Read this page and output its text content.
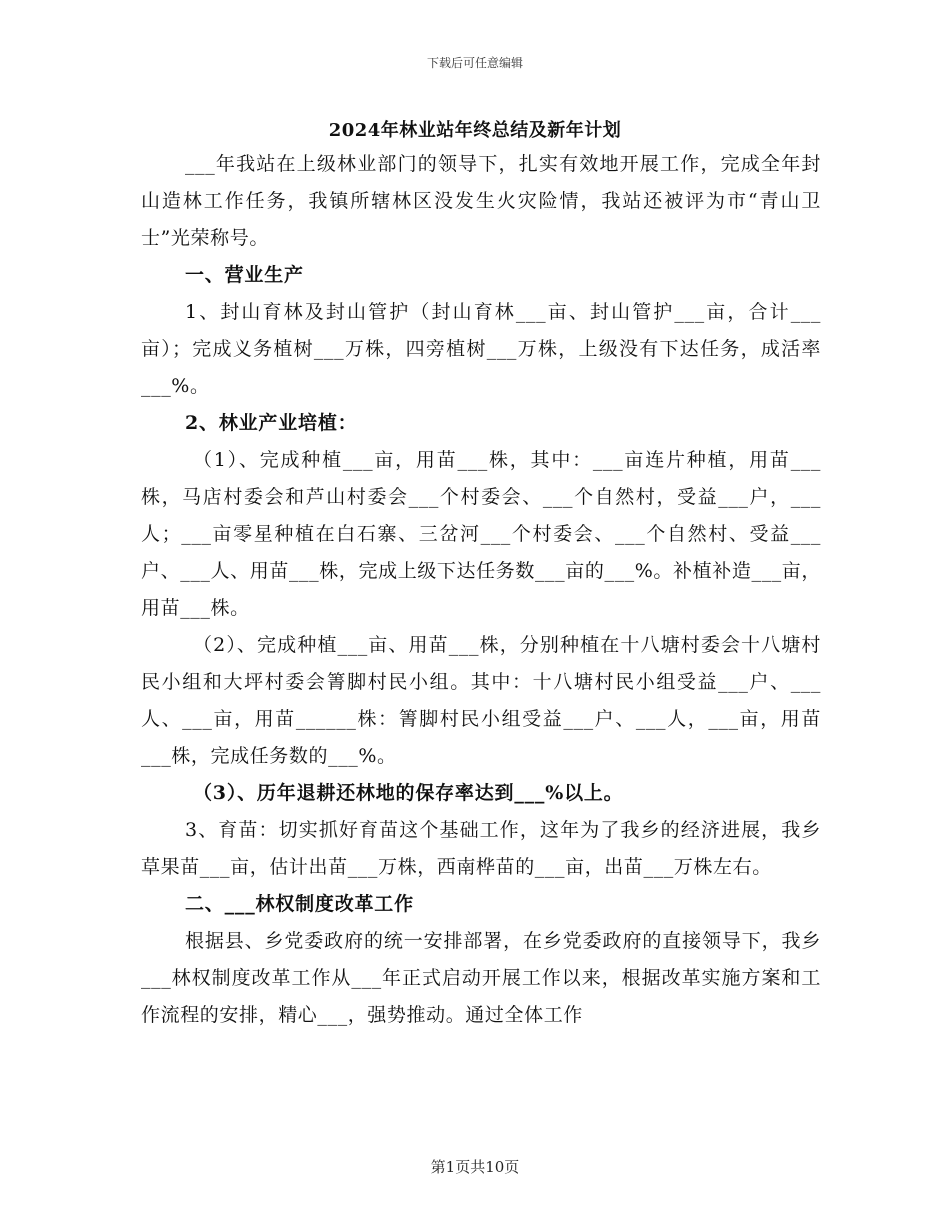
下载后可任意编辑
2024年林业站年终总结及新年计划

___年我站在上级林业部门的领导下，扎实有效地开展工作，完成全年封山造林工作任务，我镇所辖林区没发生火灾险情，我站还被评为市“青山卫士”光荣称号。

一、营业生产

1、封山育林及封山管护（封山育林___亩、封山管护___亩，合计___亩）；完成义务植树___万株，四旁植树___万株，上级没有下达任务，成活率___%。

2、林业产业培植：

（1）、完成种植___亩，用苗___株，其中：___亩连片种植，用苗___株，马店村委会和芦山村委会___个村委会、___个自然村，受益___户，___人；___亩零星种植在白石寨、三岔河___个村委会、___个自然村、受益___户、___人、用苗___株，完成上级下达任务数___亩的___%。补植补造___亩，用苗___株。

（2）、完成种植___亩、用苗___株，分别种植在十八塘村委会十八塘村民小组和大坪村委会箐脚村民小组。其中：十八塘村民小组受益___户、___人、___亩，用苗______株：箐脚村民小组受益___户、___人，___亩，用苗___株，完成任务数的___%。

（3）、历年退耕还林地的保存率达到___%以上。

3、育苗：切实抓好育苗这个基础工作，这年为了我乡的经济进展，我乡草果苗___亩，估计出苗___万株，西南桦苗的___亩，出苗___万株左右。

二、___林权制度改革工作

根据县、乡党委政府的统一安排部署，在乡党委政府的直接领导下，我乡___林权制度改革工作从___年正式启动开展工作以来，根据改革实施方案和工作流程的安排，精心___，强势推动。通过全体工作

第1页共10页
